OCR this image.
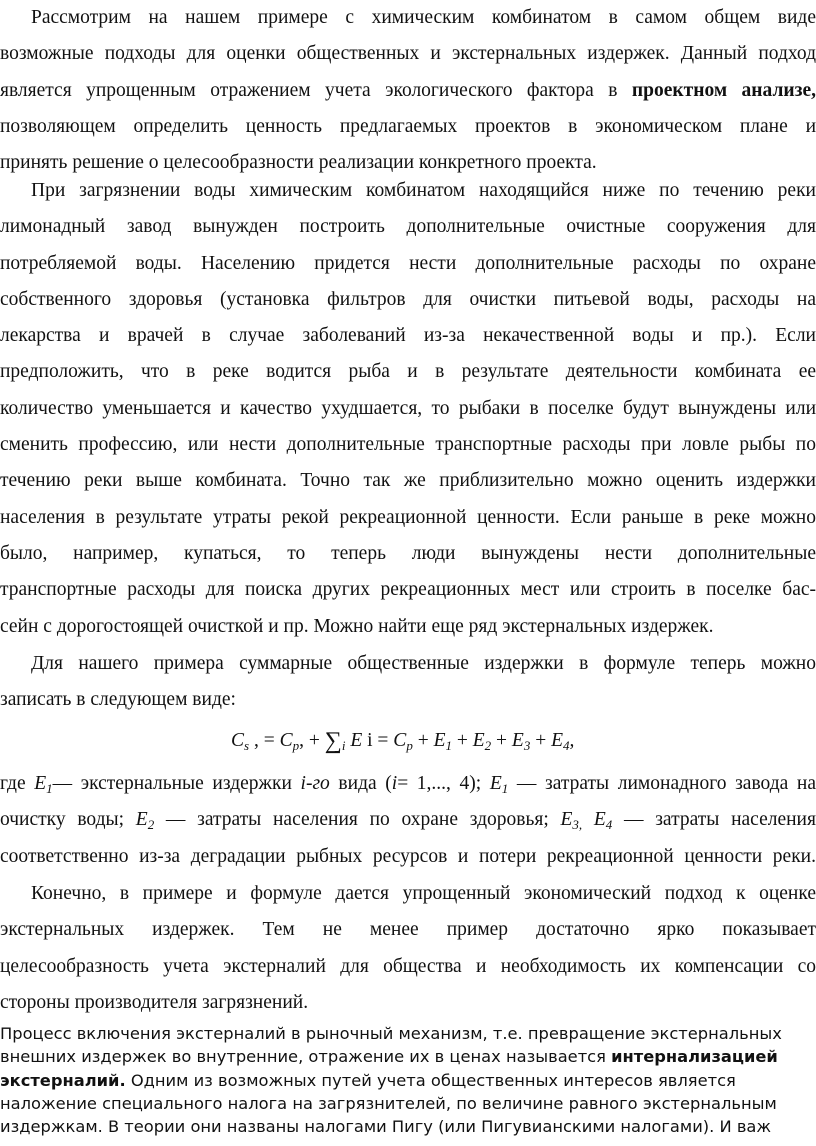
Рассмотрим на нашем примере с химическим комбинатом в самом общем виде
возможные подходы для оценки общественных и экстернальных издержек. Данный подход
является упрощенным отражением учета экологического фактора в проектном анализе,
позволяющем определить ценность предлагаемых проектов в экономическом плане и
принять решение о целесообразности реализации конкретного проекта.
При загрязнении воды химическим комбинатом находящийся ниже по течению реки
лимонадный завод вынужден построить дополнительные очистные сооружения для
потребляемой воды. Населению придется нести дополнительные расходы по охране
собственного здоровья (установка фильтров для очистки питьевой воды, расходы на
лекарства и врачей в случае заболеваний из-за некачественной воды и пр.). Если
предположить, что в реке водится рыба и в результате деятельности комбината ее
количество уменьшается и качество ухудшается, то рыбаки в поселке будут вынуждены или
сменить профессию, или нести дополнительные транспортные расходы при ловле рыбы по
течению реки выше комбината. Точно так же приблизительно можно оценить издержки
населения в результате утраты рекой рекреационной ценности. Если раньше в реке можно
было, например, купаться, то теперь люди вынуждены нести дополнительные
транспортные расходы для поиска других рекреационных мест или строить в поселке бас-
сейн с дорогостоящей очисткой и пр. Можно найти еще ряд экстернальных издержек.
Для нашего примера суммарные общественные издержки в формуле теперь можно
записать в следующем виде:
$C_s$ , = $C_p$, + $\sum_i$ E $i = C_p + E_1 + E_2 + E_3 + E_4$,
где $E_1—$ экстернальные издержки i-го вида (i= 1,..., 4); $E_1$ — затраты лимонадного завода на
очистку воды; $E_2$ — затраты населения по охране здоровья; $E_{3,}$ $E_4$ — затраты населения
соответственно из-за деградации рыбных ресурсов и потери рекреационной ценности реки.
Конечно, в примере и формуле дается упрощенный экономический подход к оценке
экстернальных издержек. Тем не менее пример достаточно ярко показывает
целесообразность учета экстерналий для общества и необходимость их компенсации со
стороны производителя загрязнений.
Процесс включения экстерналий в рыночный механизм, т.е. превращение экстернальных
внешних издержек во внутренние, отражение их в ценах называется интернализацией
экстерналий. Одним из возможных путей учета общественных интересов является
наложение специального налога на загрязнителей, по величине равного экстернальным
издержкам. В теории они названы налогами Пигу (или Пигувианскими налогами). И важ
